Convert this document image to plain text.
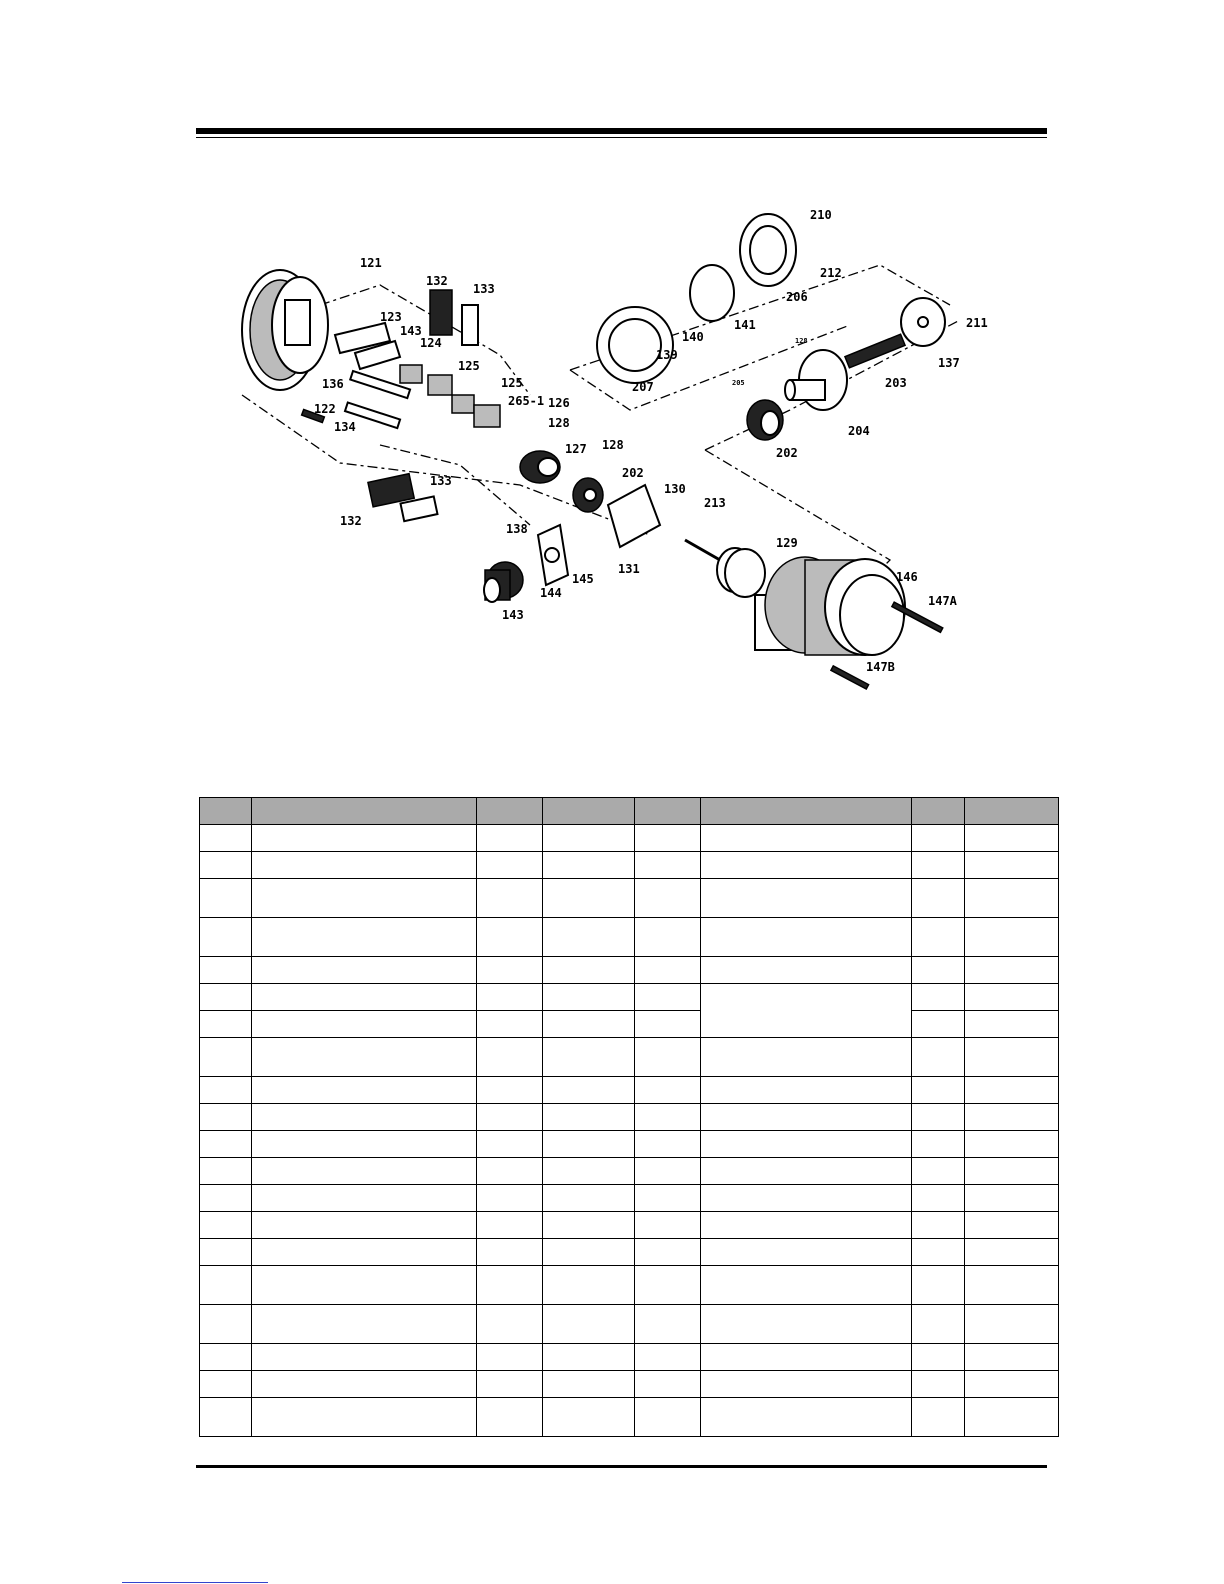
121
132
133
123
143
124
125
125
136
122
134
265-1 126
128
127 128
202
130
133
132
138
213
145
131
144
143
129
146
147A
147B
207
139
140
141
206
212
210
211
137
203
204
205
128
202
